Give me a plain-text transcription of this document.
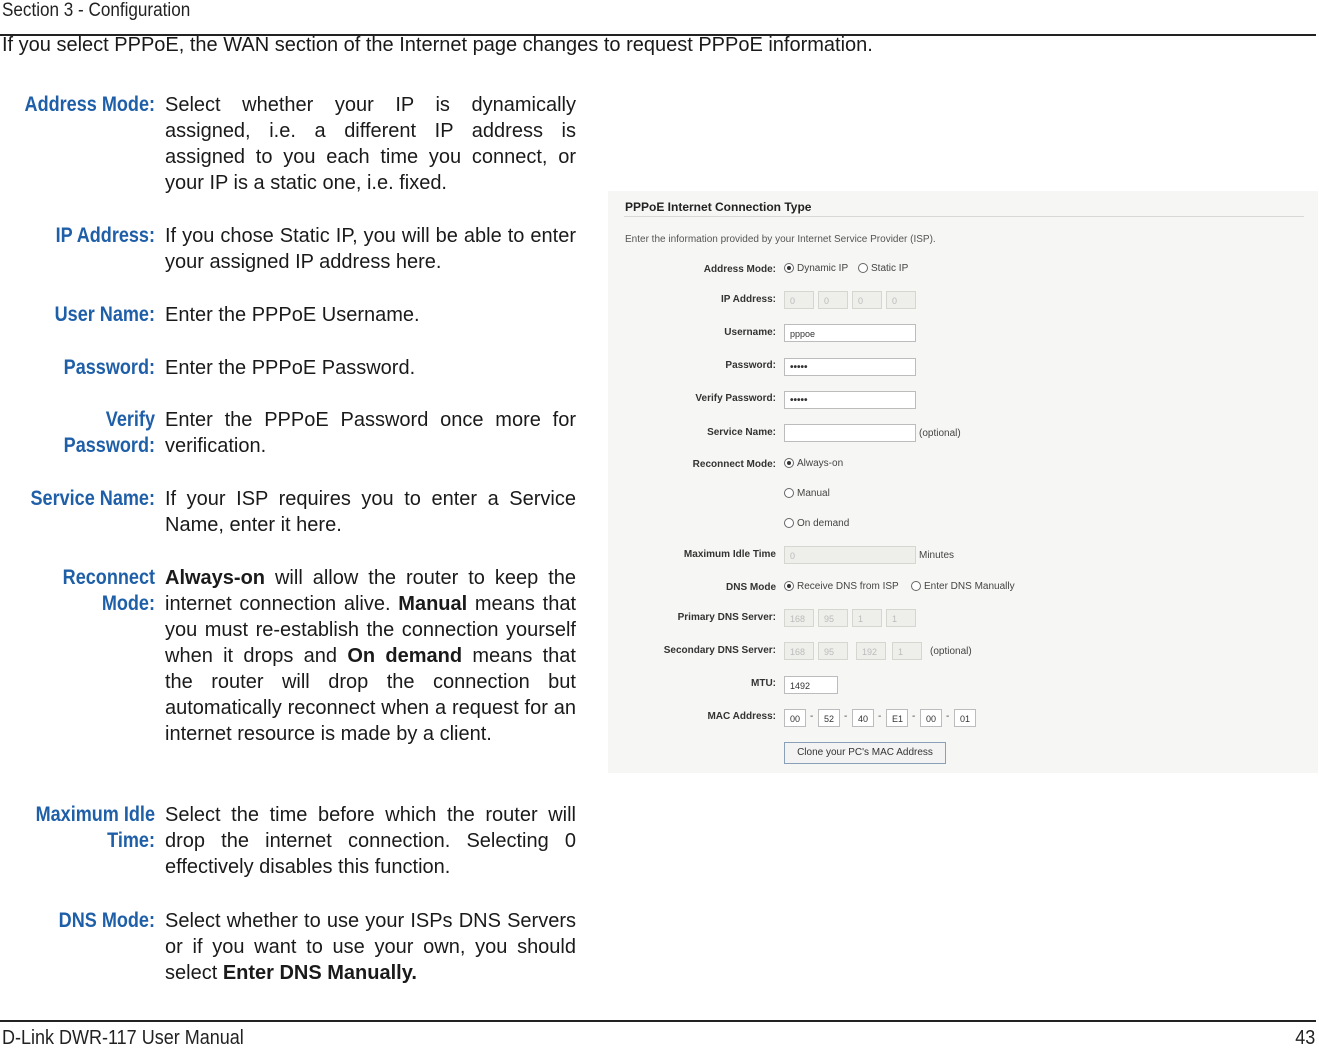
Section 3 - Configuration
If you select PPPoE, the WAN section of the Internet page changes to request PPPoE information.
Address Mode: Select whether your IP is dynamically assigned, i.e. a different IP address is assigned to you each time you connect, or your IP is a static one, i.e. fixed.
IP Address: If you chose Static IP, you will be able to enter your assigned IP address here.
User Name: Enter the PPPoE Username.
Password: Enter the PPPoE Password.
Verify Password:
Enter the PPPoE Password once more for verification.
Service Name: If your ISP requires you to enter a Service Name, enter it here.
Reconnect
Mode:
Always-on will allow the router to keep the internet connection alive. Manual means that you must re-establish the connection yourself when it drops and On demand means that the router will drop the connection but automatically reconnect when a request for an internet resource is made by a client.
Maximum Idle
Time:
Select the time before which the router will drop the internet connection. Selecting 0 effectively disables this function.
DNS Mode: Select whether to use your ISPs DNS Servers or if you want to use your own, you should select Enter DNS Manually.
PPPoE Internet Connection Type
Enter the information provided by your Internet Service Provider (ISP).
Address Mode:	Dynamic IP	Static IP
IP Address:	0	0	0	0
Username:	pppoe
Password:	•••••
Verify Password:	•••••
Service Name:	(optional)
Reconnect Mode:	Always-on
Manual
On demand
Maximum Idle Time	0	Minutes
DNS Mode	Receive DNS from ISP	Enter DNS Manually
Primary DNS Server:	168	95	1	1
Secondary DNS Server:	168	95	192	1	(optional)
MTU:	1492
MAC Address:	00 -	52 -	40 -	E1 -	00 -	01
Clone your PC's MAC Address
D-Link DWR-117 User Manual	43
